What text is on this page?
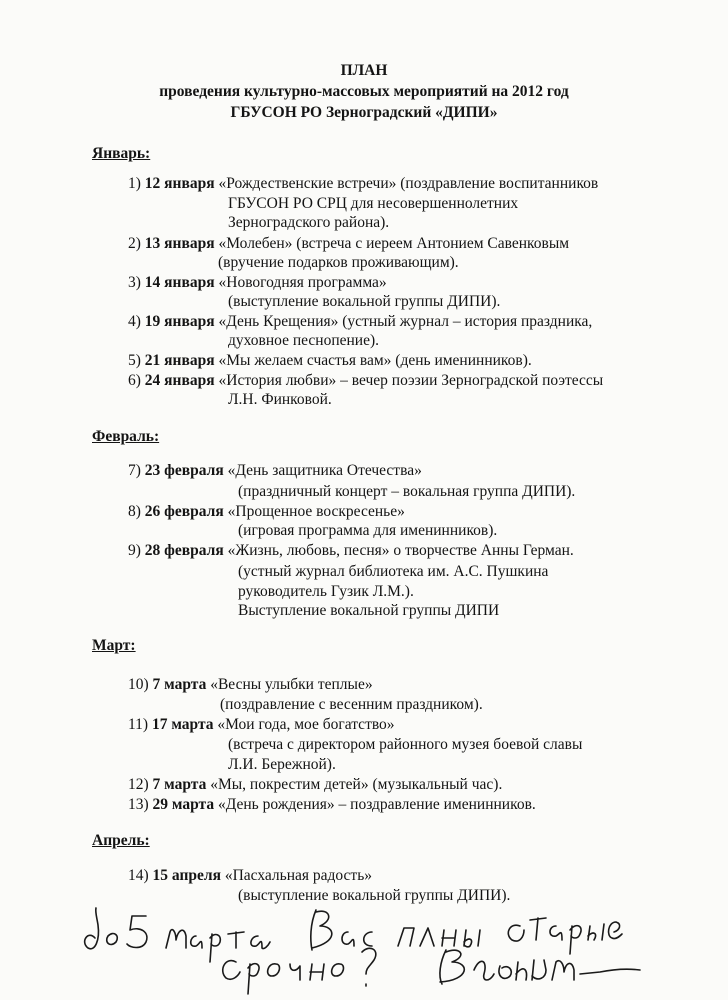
ПЛАН
проведения культурно-массовых мероприятий на 2012 год
ГБУСОН РО Зерноградский «ДИПИ»
Январь:
1) 12 января «Рождественские встречи» (поздравление воспитанников
ГБУСОН РО СРЦ для несовершеннолетних
Зерноградского района).
2) 13 января «Молебен» (встреча с иереем Антонием Савенковым
(вручение подарков проживающим).
3) 14 января «Новогодняя программа»
(выступление вокальной группы ДИПИ).
4) 19 января «День Крещения» (устный журнал – история праздника,
духовное песнопение).
5) 21 января «Мы желаем счастья вам» (день именинников).
6) 24 января «История любви» – вечер поэзии Зерноградской поэтессы
Л.Н. Финковой.
Февраль:
7) 23 февраля «День защитника Отечества»
(праздничный концерт – вокальная группа ДИПИ).
8) 26 февраля «Прощенное воскресенье»
(игровая программа для именинников).
9) 28 февраля «Жизнь, любовь, песня» о творчестве Анны Герман.
(устный журнал библиотека им. А.С. Пушкина
руководитель Гузик Л.М.).
Выступление вокальной группы ДИПИ
Март:
10) 7 марта «Весны улыбки теплые»
(поздравление с весенним праздником).
11) 17 марта «Мои года, мое богатство»
(встреча с директором районного музея боевой славы
Л.И. Бережной).
12) 7 марта «Мы, покрестим детей» (музыкальный час).
13) 29 марта «День рождения» – поздравление именинников.
Апрель:
14) 15 апреля «Пасхальная радость»
(выступление вокальной группы ДИПИ).
